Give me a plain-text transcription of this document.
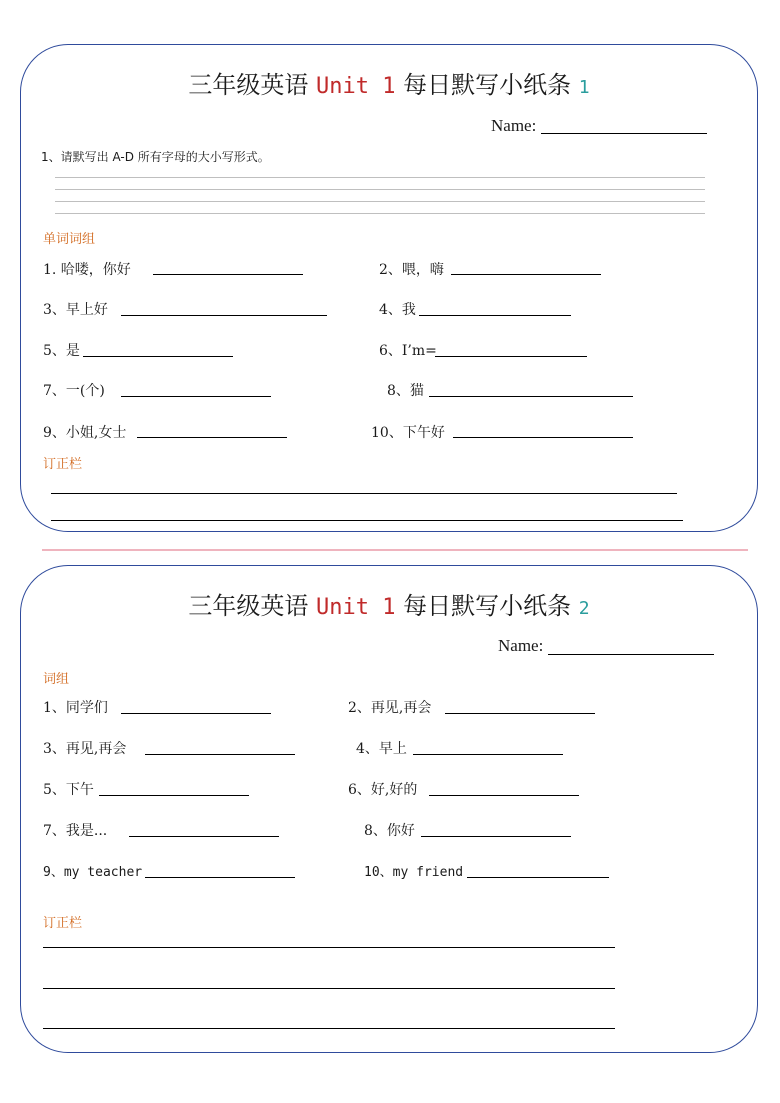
三年级英语 Unit 1 每日默写小纸条 1
Name:
1、请默写出 A-D 所有字母的大小写形式。
单词词组
1. 哈喽，你好	2、喂，嗨
3、早上好	4、我
5、是	6、I’m=
7、一(个)	8、猫
9、小姐,女士	10、下午好
订正栏
三年级英语 Unit 1 每日默写小纸条 2
Name:
词组
1、同学们	2、再见,再会
3、再见,再会	4、早上
5、下午	6、好,好的
7、我是...	8、你好
9、my teacher	10、my friend
订正栏
